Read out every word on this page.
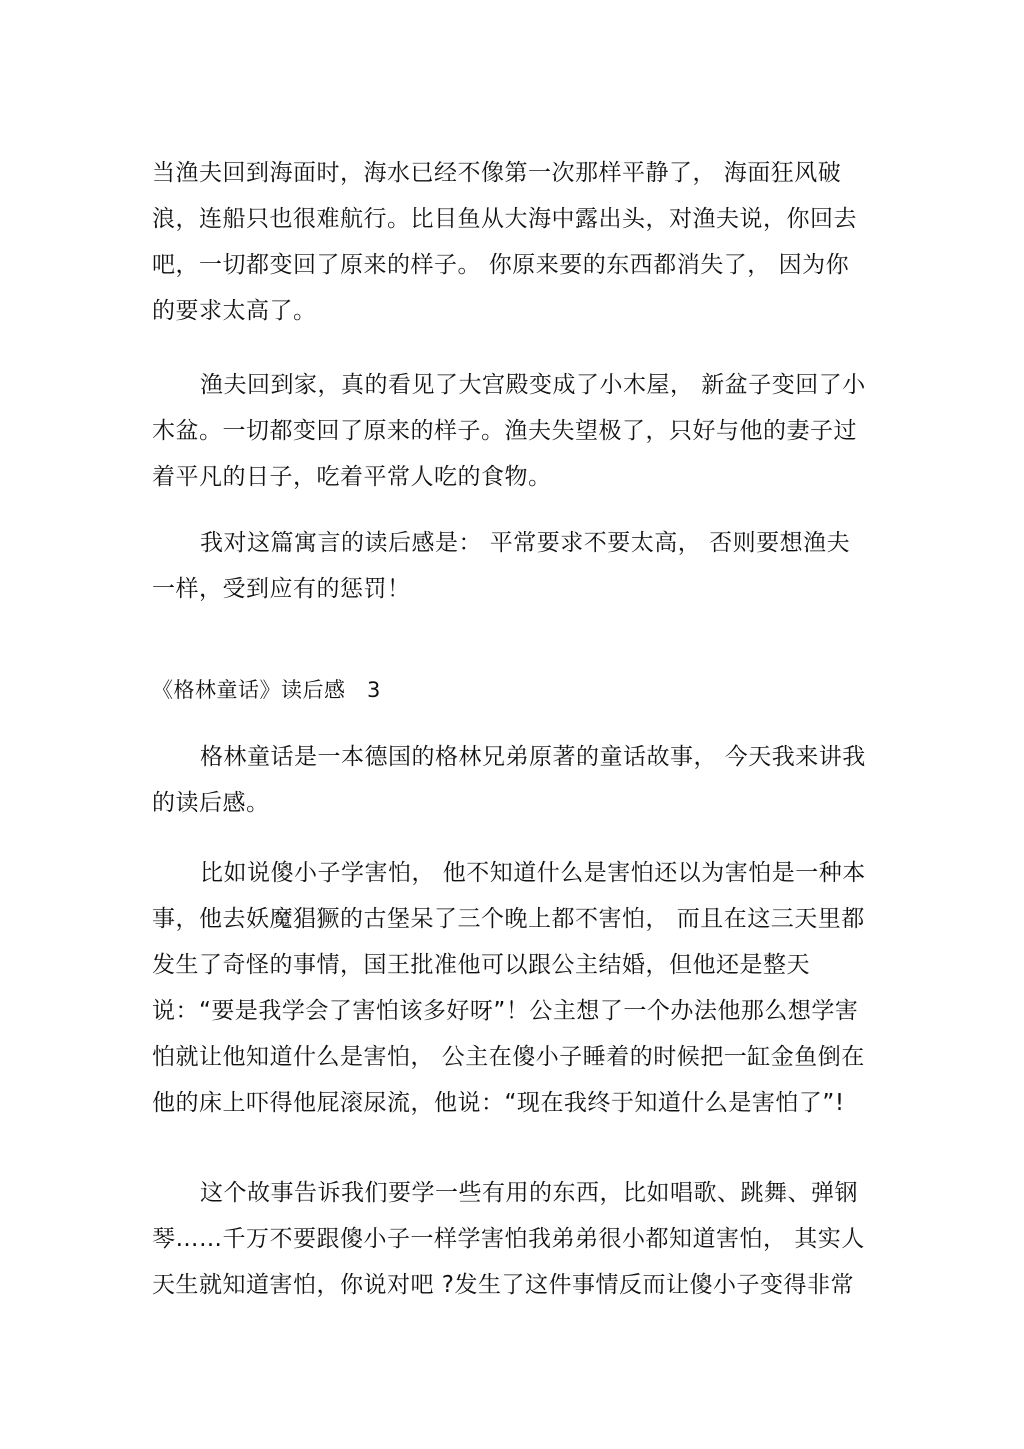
当渔夫回到海面时，海水已经不像第一次那样平静了， 海面狂风破浪，连船只也很难航行。比目鱼从大海中露出头，对渔夫说，你回去吧，一切都变回了原来的样子。 你原来要的东西都消失了， 因为你的要求太高了。

渔夫回到家，真的看见了大宫殿变成了小木屋， 新盆子变回了小木盆。一切都变回了原来的样子。渔夫失望极了，只好与他的妻子过着平凡的日子，吃着平常人吃的食物。

我对这篇寓言的读后感是： 平常要求不要太高， 否则要想渔夫一样，受到应有的惩罚！

《格林童话》读后感　3

格林童话是一本德国的格林兄弟原著的童话故事， 今天我来讲我的读后感。

比如说傻小子学害怕， 他不知道什么是害怕还以为害怕是一种本事，他去妖魔猖獗的古堡呆了三个晚上都不害怕， 而且在这三天里都发生了奇怪的事情，国王批准他可以跟公主结婚，但他还是整天说：“要是我学会了害怕该多好呀”！公主想了一个办法他那么想学害怕就让他知道什么是害怕， 公主在傻小子睡着的时候把一缸金鱼倒在他的床上吓得他屁滚尿流，他说：“现在我终于知道什么是害怕了”!

这个故事告诉我们要学一些有用的东西，比如唱歌、跳舞、弹钢琴……千万不要跟傻小子一样学害怕我弟弟很小都知道害怕， 其实人天生就知道害怕，你说对吧 ?发生了这件事情反而让傻小子变得非常
